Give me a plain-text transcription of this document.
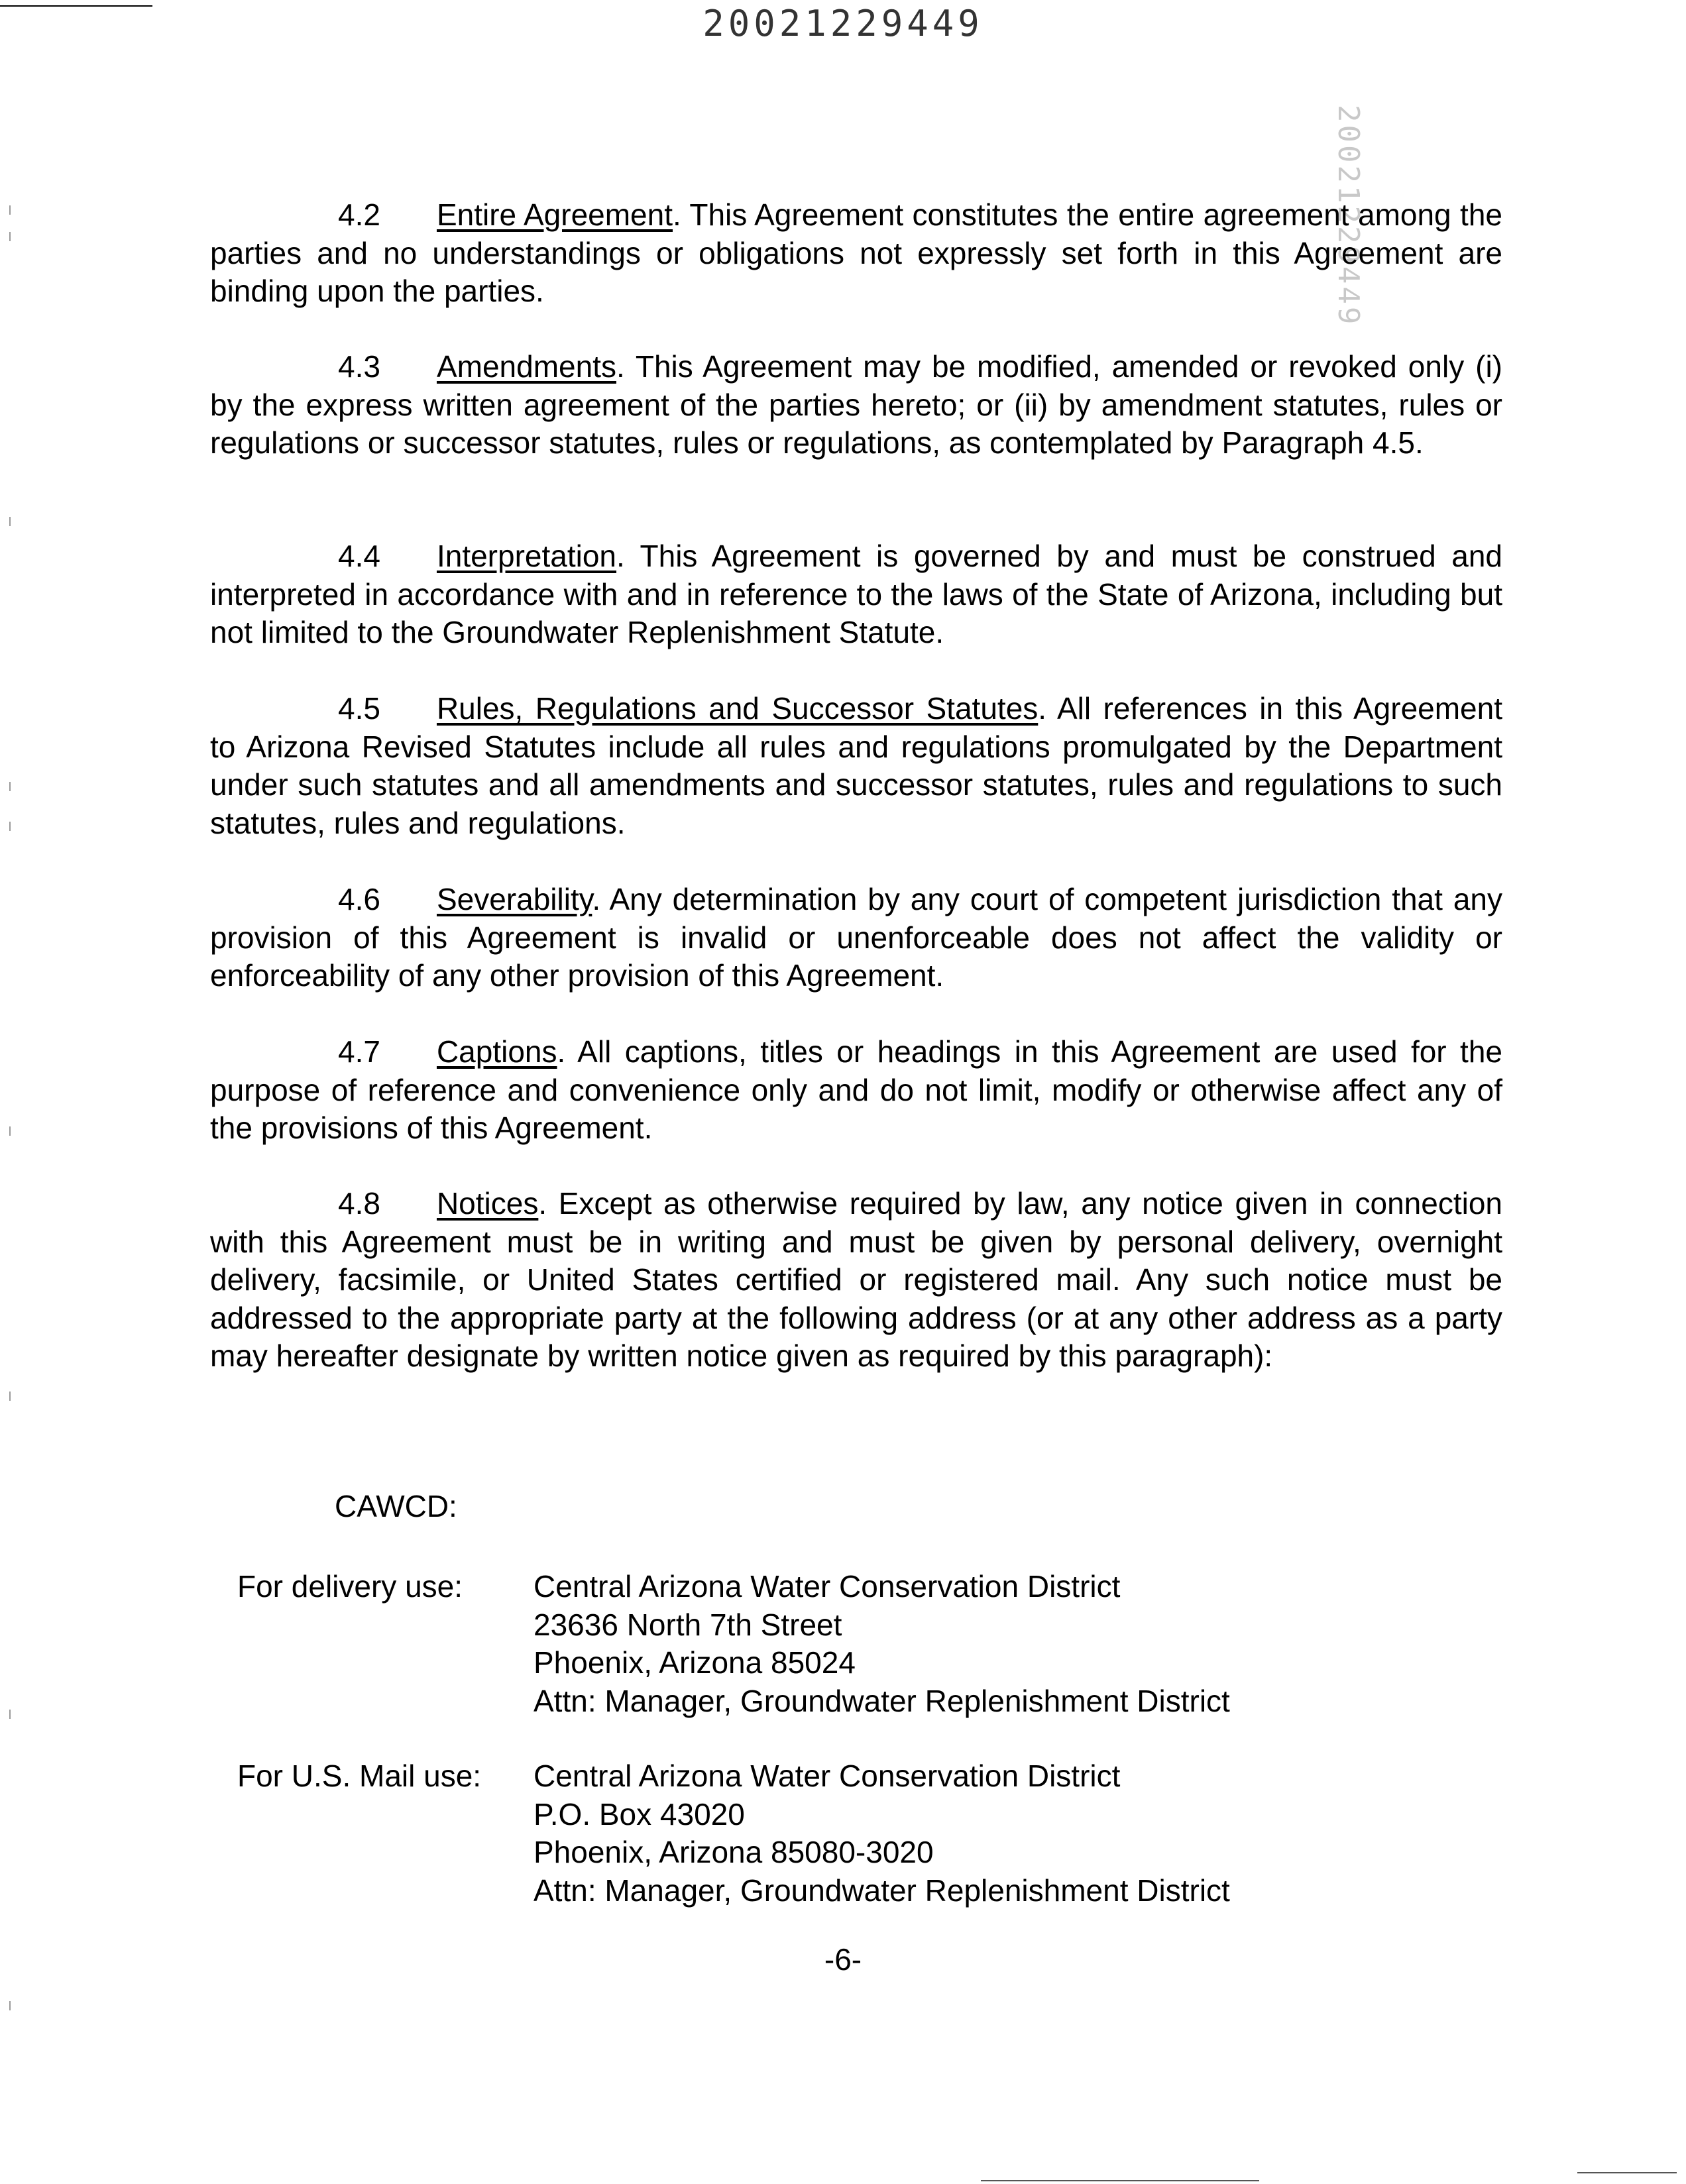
20021229449
20021229449

4.2 Entire Agreement. This Agreement constitutes the entire agreement among the parties and no understandings or obligations not expressly set forth in this Agreement are binding upon the parties.

4.3 Amendments. This Agreement may be modified, amended or revoked only (i) by the express written agreement of the parties hereto; or (ii) by amendment statutes, rules or regulations or successor statutes, rules or regulations, as contemplated by Paragraph 4.5.

4.4 Interpretation. This Agreement is governed by and must be construed and interpreted in accordance with and in reference to the laws of the State of Arizona, including but not limited to the Groundwater Replenishment Statute.

4.5 Rules, Regulations and Successor Statutes. All references in this Agreement to Arizona Revised Statutes include all rules and regulations promulgated by the Department under such statutes and all amendments and successor statutes, rules and regulations to such statutes, rules and regulations.

4.6 Severability. Any determination by any court of competent jurisdiction that any provision of this Agreement is invalid or unenforceable does not affect the validity or enforceability of any other provision of this Agreement.

4.7 Captions. All captions, titles or headings in this Agreement are used for the purpose of reference and convenience only and do not limit, modify or otherwise affect any of the provisions of this Agreement.

4.8 Notices. Except as otherwise required by law, any notice given in connection with this Agreement must be in writing and must be given by personal delivery, overnight delivery, facsimile, or United States certified or registered mail. Any such notice must be addressed to the appropriate party at the following address (or at any other address as a party may hereafter designate by written notice given as required by this paragraph):

CAWCD:
For delivery use: Central Arizona Water Conservation District
23636 North 7th Street
Phoenix, Arizona 85024
Attn: Manager, Groundwater Replenishment District
For U.S. Mail use: Central Arizona Water Conservation District
P.O. Box 43020
Phoenix, Arizona 85080-3020
Attn: Manager, Groundwater Replenishment District
-6-
